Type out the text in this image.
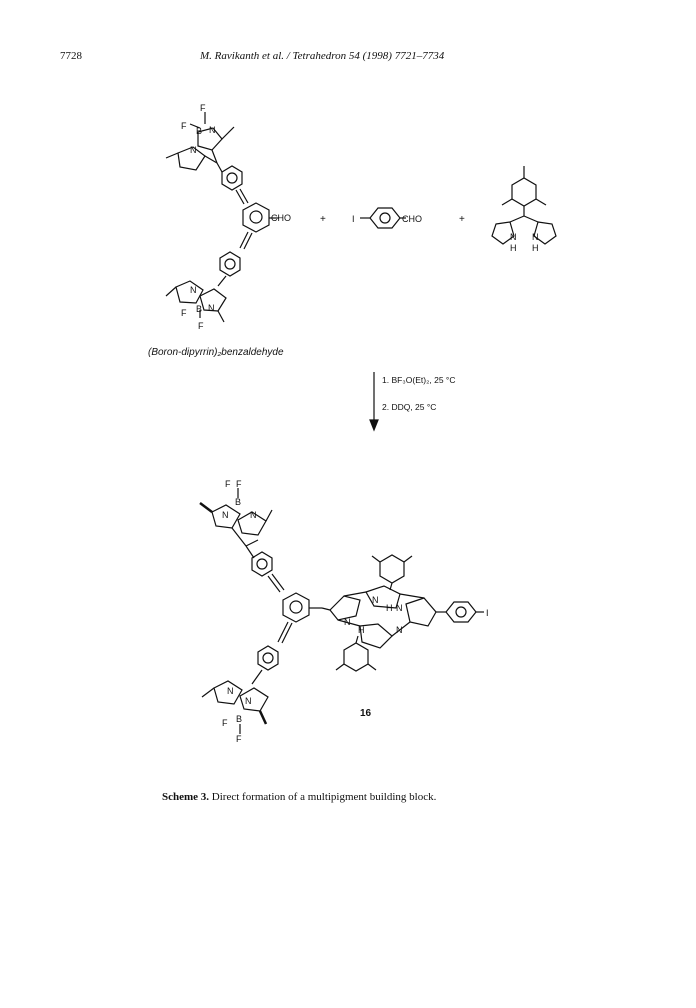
7728	M. Ravikanth et al. / Tetrahedron 54 (1998) 7721–7734
F
F B N
N
CHO	+	I	CHO	+
N N
H H
N
N
B
F
F
(Boron-dipyrrin)₂benzaldehyde
1. BF₃O(Et)₂, 25 °C
2. DDQ, 25 °C
F F
B
N N
N
H N
N
H	N
I
16
N
N
B
F
F
Scheme 3. Direct formation of a multipigment building block.
